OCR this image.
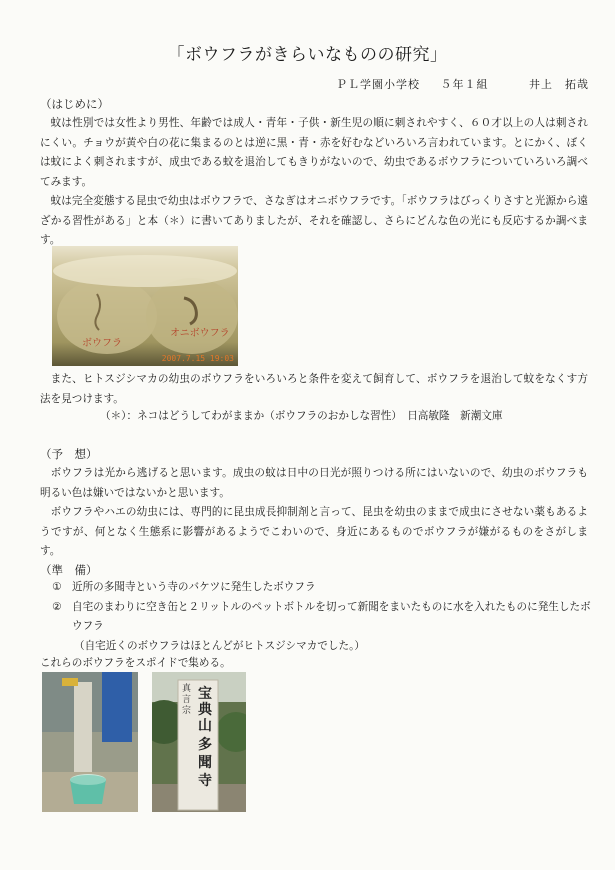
「ボウフラがきらいなものの研究」
ＰＬ学園小学校 ５年１組	井上　拓哉
（はじめに）

蚊は性別では女性より男性、年齢では成人・青年・子供・新生児の順に刺されやすく、６０才以上の人は刺されにくい。チョウが黄や白の花に集まるのとは逆に黒・青・赤を好むなどいろいろ言われています。とにかく、ぼくは蚊によく刺されますが、成虫である蚊を退治してもきりがないので、幼虫であるボウフラについていろいろ調べてみます。

蚊は完全変態する昆虫で幼虫はボウフラで、さなぎはオニボウフラです。「ボウフラはびっくりさすと光源から遠ざかる習性がある」と本（＊）に書いてありましたが、それを確認し、さらにどんな色の光にも反応するか調べます。

ボウフラ
オニボウフラ
2007.7.15 19:03

また、ヒトスジシマカの幼虫のボウフラをいろいろと条件を変えて飼育して、ボウフラを退治して蚊をなくす方法を見つけます。

（＊）：ネコはどうしてわがままか（ボウフラのおかしな習性）　日高敏隆　新潮文庫
（予　想）

ボウフラは光から逃げると思います。成虫の蚊は日中の日光が照りつける所にはいないので、幼虫のボウフラも明るい色は嫌いではないかと思います。

ボウフラやハエの幼虫には、専門的に昆虫成長抑制剤と言って、昆虫を幼虫のままで成虫にさせない薬もあるようですが、何となく生態系に影響があるようでこわいので、身近にあるものでボウフラが嫌がるものをさがします。

（準　備）
① 近所の多聞寺という寺のバケツに発生したボウフラ
② 自宅のまわりに空き缶と２リットルのペットボトルを切って新聞をまいたものに水を入れたものに発生したボウフラ
（自宅近くのボウフラはほとんどがヒトスジシマカでした。）
これらのボウフラをスポイドで集める。
真言宗
宝典山
多聞寺
